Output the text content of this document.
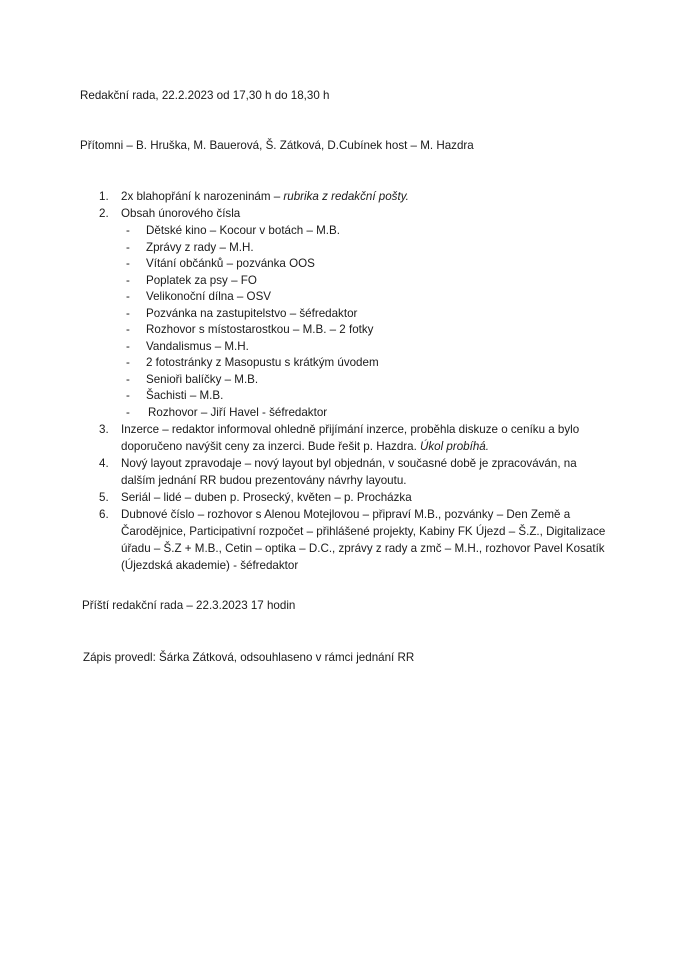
Redakční rada, 22.2.2023 od 17,30 h do 18,30 h
Přítomni – B. Hruška, M. Bauerová, Š. Zátková, D.Cubínek host – M. Hazdra
1.	2x blahopřání k narozeninám – rubrika z redakční pošty.
2.	Obsah únorového čísla
-	Dětské kino – Kocour v botách – M.B.
-	Zprávy z rady – M.H.
-	Vítání občánků – pozvánka OOS
-	Poplatek za psy – FO
-	Velikonoční dílna – OSV
-	Pozvánka na zastupitelstvo – šéfredaktor
-	Rozhovor s místostarostkou – M.B. – 2 fotky
-	Vandalismus – M.H.
-	2 fotostránky z Masopustu s krátkým úvodem
-	Senioři balíčky – M.B.
-	Šachisti – M.B.
-	Rozhovor – Jiří Havel - šéfredaktor
3.	Inzerce – redaktor informoval ohledně přijímání inzerce, proběhla diskuze o ceníku a bylo
doporučeno navýšit ceny za inzerci. Bude řešit p. Hazdra. Úkol probíhá.
4.	Nový layout zpravodaje – nový layout byl objednán, v současné době je zpracováván, na
dalším jednání RR budou prezentovány návrhy layoutu.
5.	Seriál – lidé – duben p. Prosecký, květen – p. Procházka
6.	Dubnové číslo – rozhovor s Alenou Motejlovou – připraví M.B., pozvánky – Den Země a
Čarodějnice, Participativní rozpočet – přihlášené projekty, Kabiny FK Újezd – Š.Z., Digitalizace
úřadu – Š.Z + M.B., Cetin – optika – D.C., zprávy z rady a zmč – M.H., rozhovor Pavel Kosatík
(Újezdská akademie) - šéfredaktor
Příští redakční rada – 22.3.2023 17 hodin
Zápis provedl: Šárka Zátková, odsouhlaseno v rámci jednání RR
